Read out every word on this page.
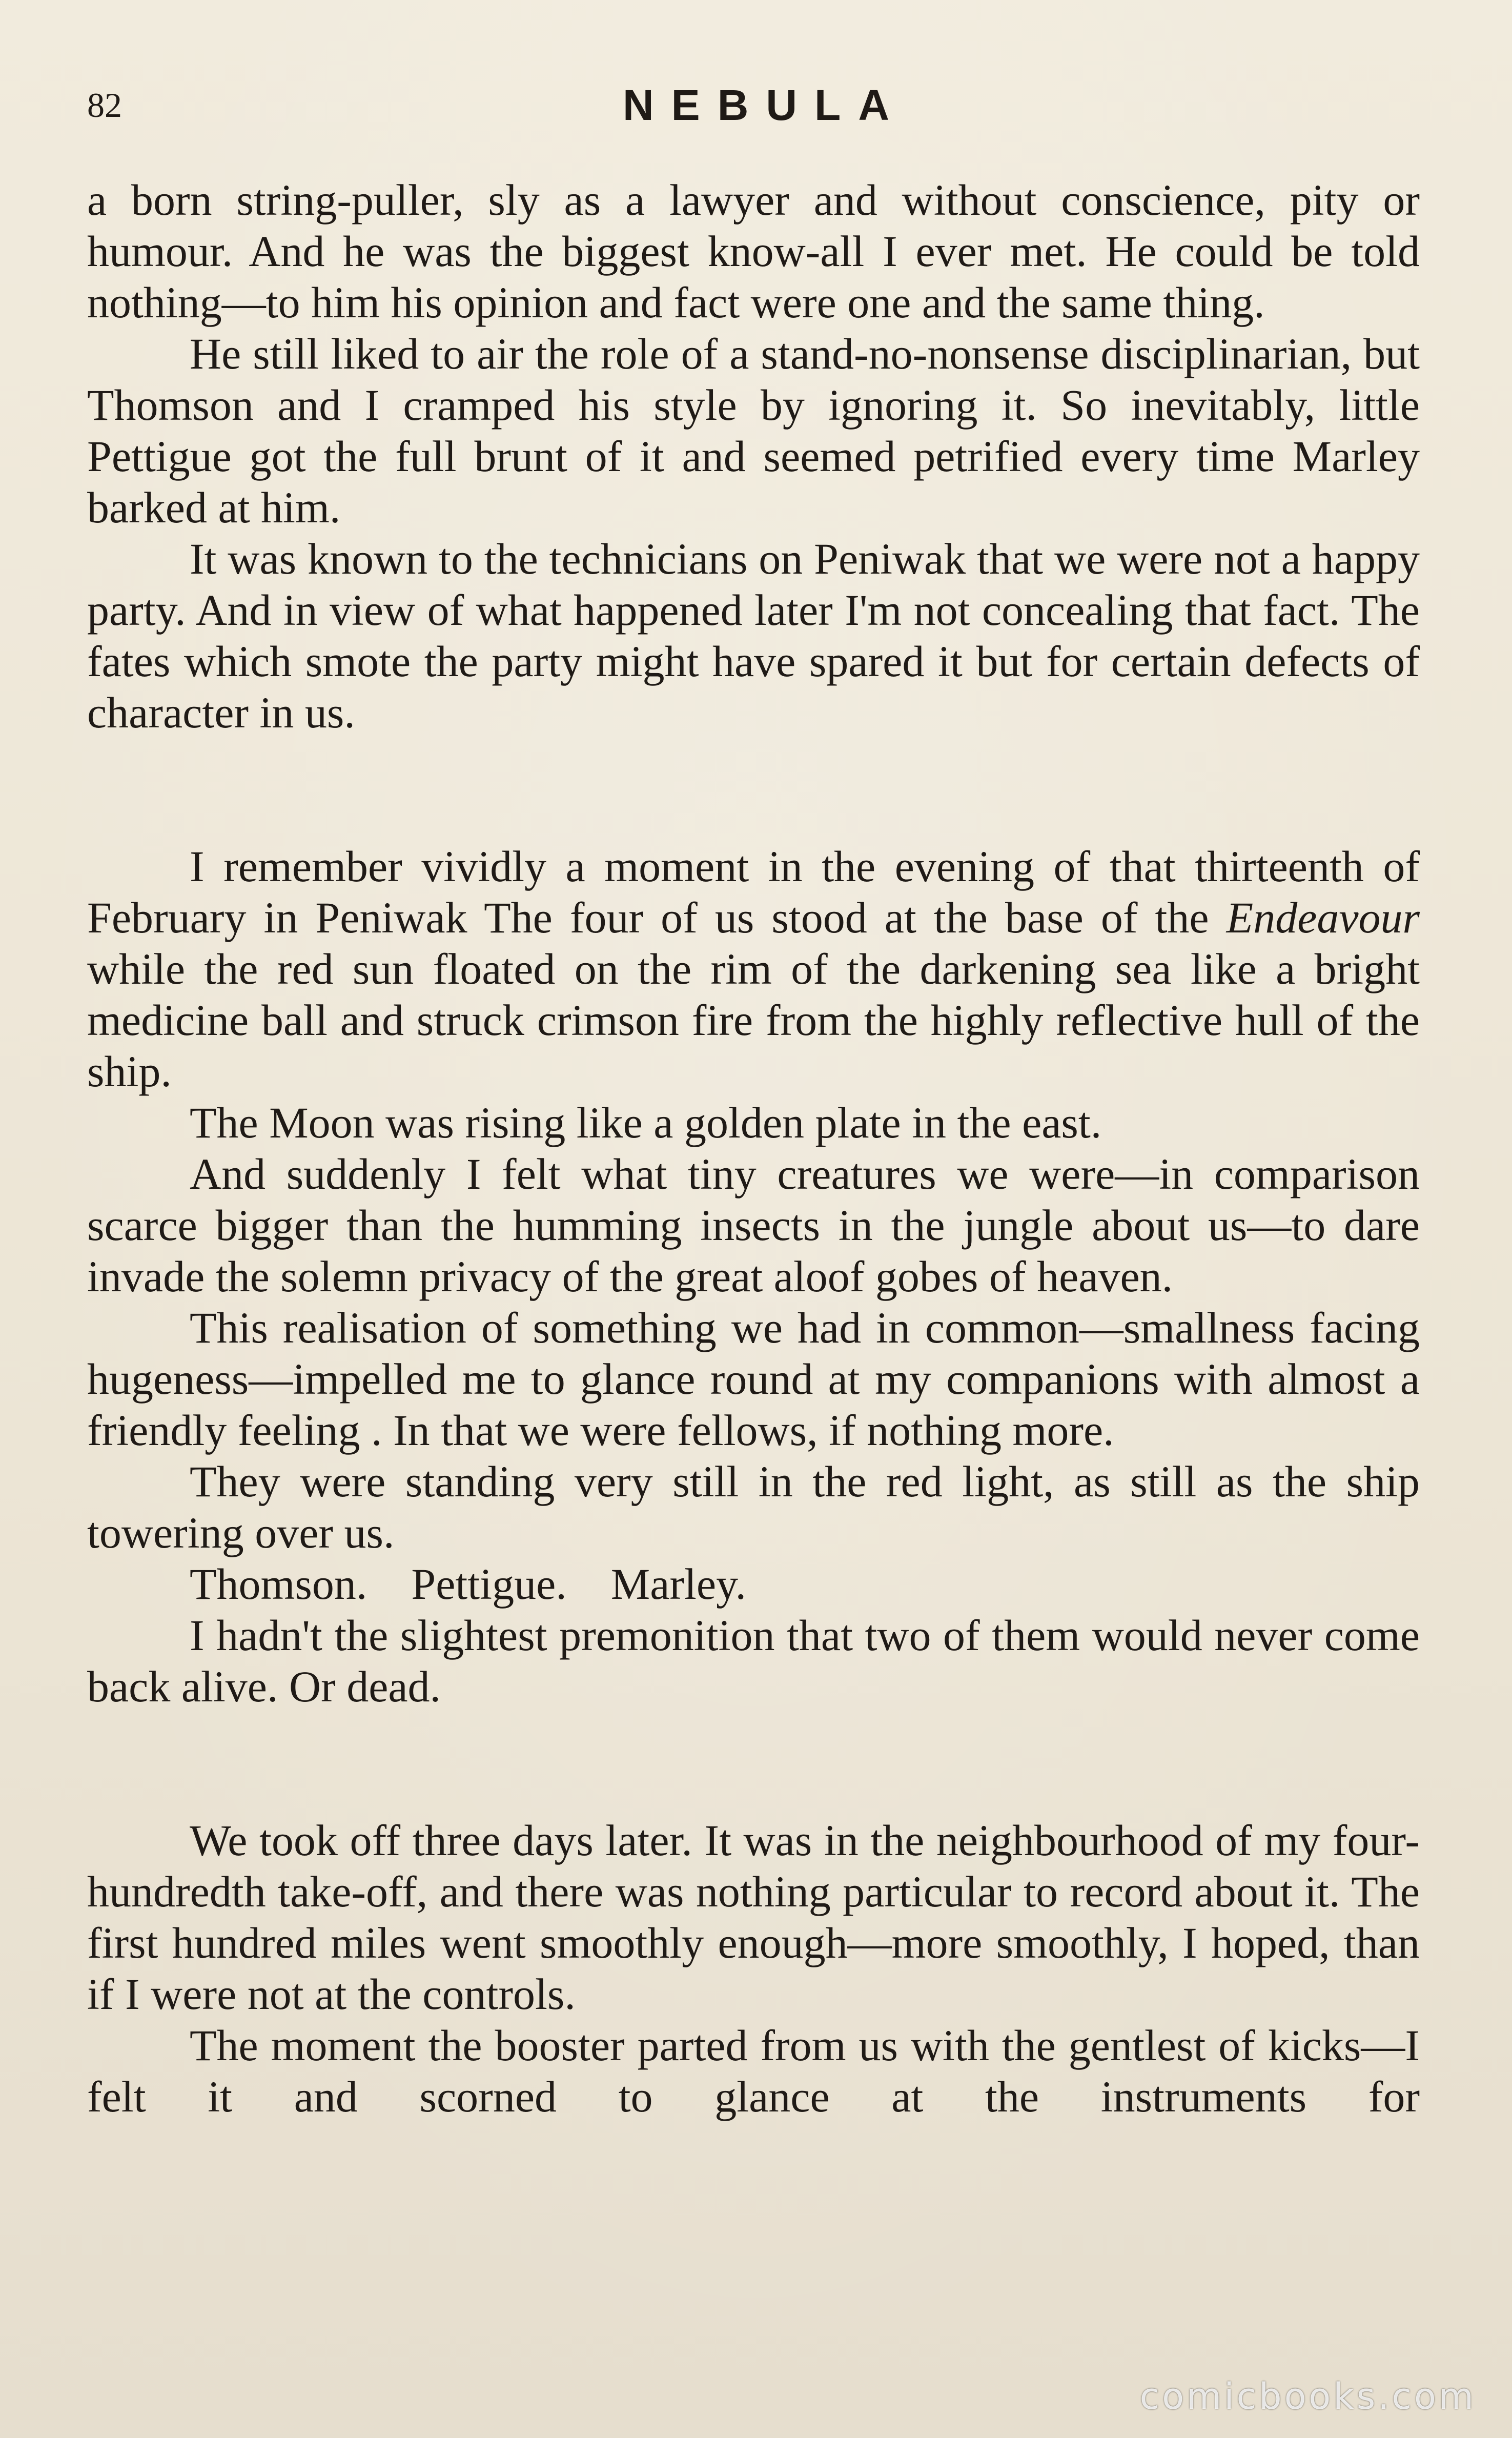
82	NEBULA

a born string-puller, sly as a lawyer and without conscience, pity or humour. And he was the biggest know-all I ever met. He could be told nothing—to him his opinion and fact were one and the same thing.

He still liked to air the role of a stand-no-nonsense disciplinarian, but Thomson and I cramped his style by ignoring it. So inevitably, little Pettigue got the full brunt of it and seemed petrified every time Marley barked at him.

It was known to the technicians on Peniwak that we were not a happy party. And in view of what happened later I'm not concealing that fact. The fates which smote the party might have spared it but for certain defects of character in us.

I remember vividly a moment in the evening of that thirteenth of February in Peniwak The four of us stood at the base of the Endeavour while the red sun floated on the rim of the darkening sea like a bright medicine ball and struck crimson fire from the highly reflective hull of the ship.

The Moon was rising like a golden plate in the east.

And suddenly I felt what tiny creatures we were—in comparison scarce bigger than the humming insects in the jungle about us—to dare invade the solemn privacy of the great aloof gobes of heaven.

This realisation of something we had in common—smallness facing hugeness—impelled me to glance round at my companions with almost a friendly feeling . In that we were fellows, if nothing more.

They were standing very still in the red light, as still as the ship towering over us.

Thomson.    Pettigue.    Marley.

I hadn't the slightest premonition that two of them would never come back alive. Or dead.

We took off three days later. It was in the neighbourhood of my four-hundredth take-off, and there was nothing particular to record about it. The first hundred miles went smoothly enough—more smoothly, I hoped, than if I were not at the controls.

The moment the booster parted from us with the gentlest of kicks—I felt it and scorned to glance at the instruments for

comicbooks.com
